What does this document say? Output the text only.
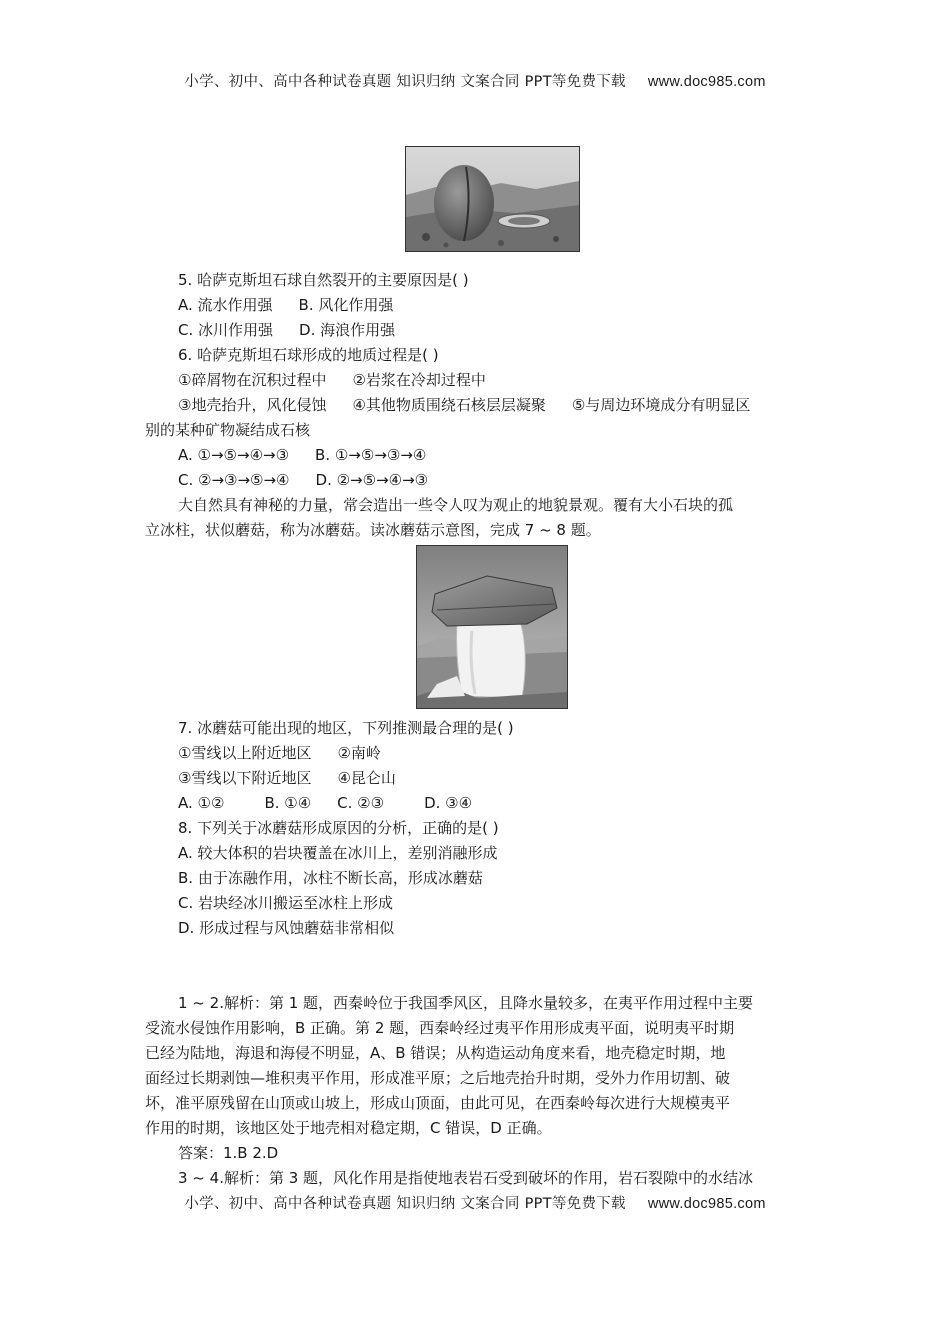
小学、初中、高中各种试卷真题 知识归纳 文案合同 PPT等免费下载 www.doc985.com
5. 哈萨克斯坦石球自然裂开的主要原因是( )
A. 流水作用强 B. 风化作用强
C. 冰川作用强 D. 海浪作用强
6. 哈萨克斯坦石球形成的地质过程是( )
①碎屑物在沉积过程中 ②岩浆在冷却过程中
③地壳抬升，风化侵蚀 ④其他物质围绕石核层层凝聚 ⑤与周边环境成分有明显区
别的某种矿物凝结成石核
A. ①→⑤→④→③ B. ①→⑤→③→④
C. ②→③→⑤→④ D. ②→⑤→④→③
大自然具有神秘的力量，常会造出一些令人叹为观止的地貌景观。覆有大小石块的孤
立冰柱，状似蘑菇，称为冰蘑菇。读冰蘑菇示意图，完成 7 ~ 8 题。
7. 冰蘑菇可能出现的地区，下列推测最合理的是( )
①雪线以上附近地区 ②南岭
③雪线以下附近地区 ④昆仑山
A. ①②	B. ①④ C. ②③	D. ③④
8. 下列关于冰蘑菇形成原因的分析，正确的是( )
A. 较大体积的岩块覆盖在冰川上，差别消融形成
B. 由于冻融作用，冰柱不断长高，形成冰蘑菇
C. 岩块经冰川搬运至冰柱上形成
D. 形成过程与风蚀蘑菇非常相似
1 ~ 2.解析：第 1 题，西秦岭位于我国季风区，且降水量较多，在夷平作用过程中主要
受流水侵蚀作用影响，B 正确。第 2 题，西秦岭经过夷平作用形成夷平面，说明夷平时期
已经为陆地，海退和海侵不明显，A、B 错误；从构造运动角度来看，地壳稳定时期，地
面经过长期剥蚀—堆积夷平作用，形成准平原；之后地壳抬升时期，受外力作用切割、破
坏，准平原残留在山顶或山坡上，形成山顶面，由此可见，在西秦岭每次进行大规模夷平
作用的时期，该地区处于地壳相对稳定期，C 错误，D 正确。
答案：1.B 2.D
3 ~ 4.解析：第 3 题，风化作用是指使地表岩石受到破坏的作用，岩石裂隙中的水结冰
小学、初中、高中各种试卷真题 知识归纳 文案合同 PPT等免费下载 www.doc985.com
